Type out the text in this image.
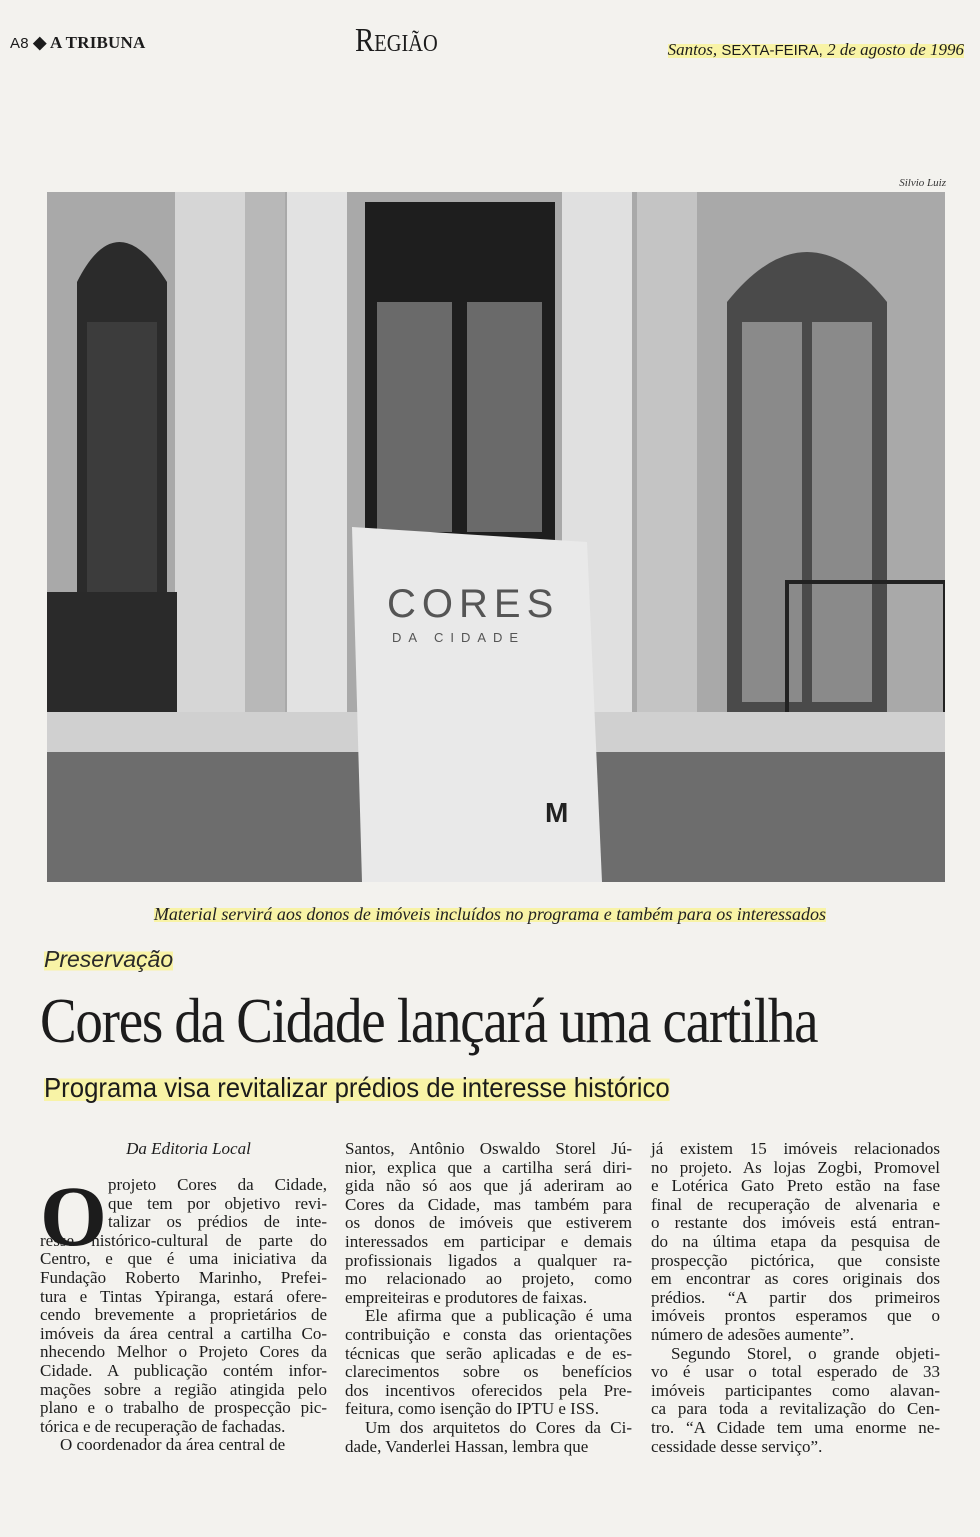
A8 ◆ A TRIBUNA	Região	Santos, SEXTA-FEIRA, 2 de agosto de 1996
Silvio Luiz
CORES
DA CIDADE
M
Material servirá aos donos de imóveis incluídos no programa e também para os interessados
Preservação
Cores da Cidade lançará uma cartilha
Programa visa revitalizar prédios de interesse histórico
Da Editoria Local
O projeto Cores da Cidade,
que tem por objetivo revi-
talizar os prédios de inte-
resse histórico-cultural de parte do
Centro, e que é uma iniciativa da
Fundação Roberto Marinho, Prefei-
tura e Tintas Ypiranga, estará ofere-
cendo brevemente a proprietários de
imóveis da área central a cartilha Co-
nhecendo Melhor o Projeto Cores da
Cidade. A publicação contém infor-
mações sobre a região atingida pelo
plano e o trabalho de prospecção pic-
tórica e de recuperação de fachadas.
O coordenador da área central de
Santos, Antônio Oswaldo Storel Jú-
nior, explica que a cartilha será diri-
gida não só aos que já aderiram ao
Cores da Cidade, mas também para
os donos de imóveis que estiverem
interessados em participar e demais
profissionais ligados a qualquer ra-
mo relacionado ao projeto, como
empreiteiras e produtores de faixas.
Ele afirma que a publicação é uma
contribuição e consta das orientações
técnicas que serão aplicadas e de es-
clarecimentos sobre os benefícios
dos incentivos oferecidos pela Pre-
feitura, como isenção do IPTU e ISS.
Um dos arquitetos do Cores da Ci-
dade, Vanderlei Hassan, lembra que
já existem 15 imóveis relacionados
no projeto. As lojas Zogbi, Promovel
e Lotérica Gato Preto estão na fase
final de recuperação de alvenaria e
o restante dos imóveis está entran-
do na última etapa da pesquisa de
prospecção pictórica, que consiste
em encontrar as cores originais dos
prédios. “A partir dos primeiros
imóveis prontos esperamos que o
número de adesões aumente”.
Segundo Storel, o grande objeti-
vo é usar o total esperado de 33
imóveis participantes como alavan-
ca para toda a revitalização do Cen-
tro. “A Cidade tem uma enorme ne-
cessidade desse serviço”.
